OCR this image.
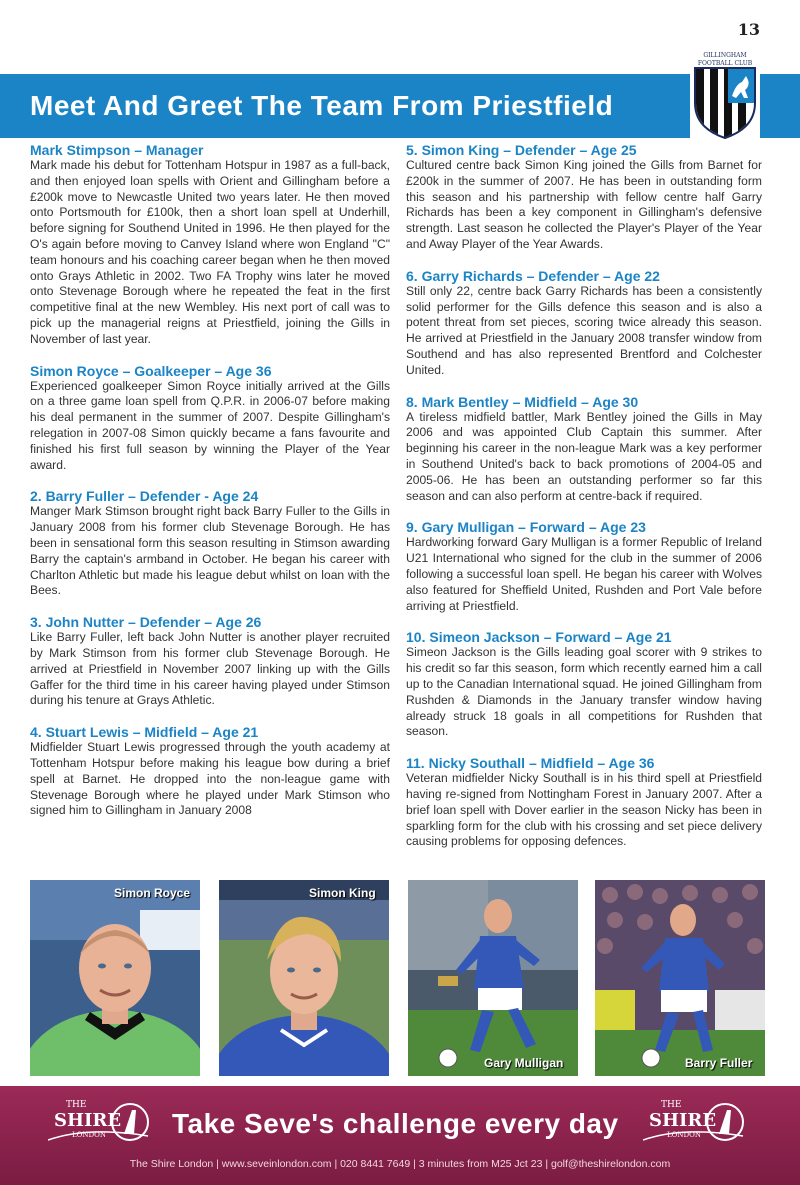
13
Meet And Greet The Team From Priestfield
GILLINGHAM
FOOTBALL CLUB
Mark Stimpson – Manager

Mark made his debut for Tottenham Hotspur in 1987 as a full-back, and then enjoyed loan spells with Orient and Gillingham before a £200k move to Newcastle United two years later. He then moved onto Portsmouth for £100k, then a short loan spell at Underhill, before signing for Southend United in 1996. He then played for the O's again before moving to Canvey Island where won England "C" team honours and his coaching career began when he then moved onto Grays Athletic in 2002. Two FA Trophy wins later he moved onto Stevenage Borough where he repeated the feat in the first competitive final at the new Wembley. His next port of call was to pick up the managerial reigns at Priestfield, joining the Gills in November of last year.

Simon Royce – Goalkeeper – Age 36

Experienced goalkeeper Simon Royce initially arrived at the Gills on a three game loan spell from Q.P.R. in 2006-07 before making his deal permanent in the summer of 2007. Despite Gillingham's relegation in 2007-08 Simon quickly became a fans favourite and finished his first full season by winning the Player of the Year award.

2. Barry Fuller – Defender - Age 24

Manger Mark Stimson brought right back Barry Fuller to the Gills in January 2008 from his former club Stevenage Borough. He has been in sensational form this season resulting in Stimson awarding Barry the captain's armband in October. He began his career with Charlton Athletic but made his league debut whilst on loan with the Bees.

3. John Nutter – Defender – Age 26

Like Barry Fuller, left back John Nutter is another player recruited by Mark Stimson from his former club Stevenage Borough. He arrived at Priestfield in November 2007 linking up with the Gills Gaffer for the third time in his career having played under Stimson during his tenure at Grays Athletic.

4. Stuart Lewis – Midfield – Age 21

Midfielder Stuart Lewis progressed through the youth academy at Tottenham Hotspur before making his league bow during a brief spell at Barnet. He dropped into the non-league game with Stevenage Borough where he played under Mark Stimson who signed him to Gillingham in January 2008

5. Simon King – Defender – Age 25

Cultured centre back Simon King joined the Gills from Barnet for £200k in the summer of 2007. He has been in outstanding form this season and his partnership with fellow centre half Garry Richards has been a key component in Gillingham's defensive strength. Last season he collected the Player's Player of the Year and Away Player of the Year Awards.

6. Garry Richards – Defender – Age 22

Still only 22, centre back Garry Richards has been a consistently solid performer for the Gills defence this season and is also a potent threat from set pieces, scoring twice already this season. He arrived at Priestfield in the January 2008 transfer window from Southend and has also represented Brentford and Colchester United.

8. Mark Bentley – Midfield – Age 30

A tireless midfield battler, Mark Bentley joined the Gills in May 2006 and was appointed Club Captain this summer. After beginning his career in the non-league Mark was a key performer in Southend United's back to back promotions of 2004-05 and 2005-06. He has been an outstanding performer so far this season and can also perform at centre-back if required.

9. Gary Mulligan – Forward – Age 23

Hardworking forward Gary Mulligan is a former Republic of Ireland U21 International who signed for the club in the summer of 2006 following a successful loan spell. He began his career with Wolves also featured for Sheffield United, Rushden and Port Vale before arriving at Priestfield.

10. Simeon Jackson – Forward – Age 21

Simeon Jackson is the Gills leading goal scorer with 9 strikes to his credit so far this season, form which recently earned him a call up to the Canadian International squad. He joined Gillingham from Rushden & Diamonds in the January transfer window having already struck 18 goals in all competitions for Rushden that season.

11. Nicky Southall – Midfield – Age 36

Veteran midfielder Nicky Southall is in his third spell at Priestfield having re-signed from Nottingham Forest in January 2007. After a brief loan spell with Dover earlier in the season Nicky has been in sparkling form for the club with his crossing and set piece delivery causing problems for opposing defences.

Simon Royce	Simon King
Gary Mulligan	Barry Fuller
THE
SHIRE
LONDON Take Seve's challenge every day
THE
SHIRE
LONDON
The Shire London | www.seveinlondon.com | 020 8441 7649 | 3 minutes from M25 Jct 23 | golf@theshirelondon.com
